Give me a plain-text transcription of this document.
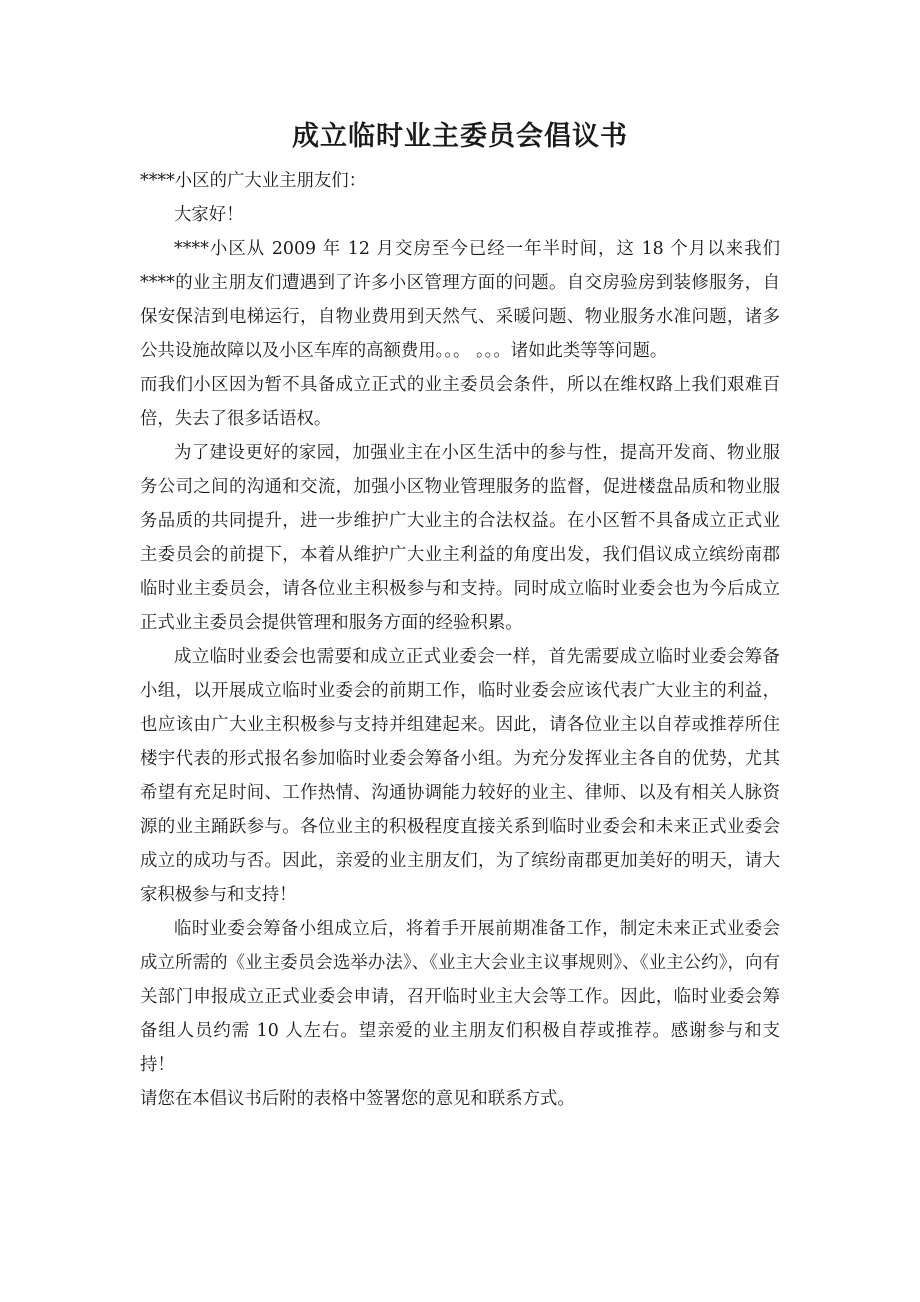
成立临时业主委员会倡议书

****小区的广大业主朋友们：

大家好！

****小区从 2009 年 12 月交房至今已经一年半时间，这 18 个月以来我们****的业主朋友们遭遇到了许多小区管理方面的问题。自交房验房到装修服务，自保安保洁到电梯运行，自物业费用到天然气、采暖问题、物业服务水准问题，诸多公共设施故障以及小区车库的高额费用。。。 。。。诸如此类等等问题。

而我们小区因为暂不具备成立正式的业主委员会条件，所以在维权路上我们艰难百倍，失去了很多话语权。

为了建设更好的家园，加强业主在小区生活中的参与性，提高开发商、物业服务公司之间的沟通和交流，加强小区物业管理服务的监督，促进楼盘品质和物业服务品质的共同提升，进一步维护广大业主的合法权益。在小区暂不具备成立正式业主委员会的前提下，本着从维护广大业主利益的角度出发，我们倡议成立缤纷南郡临时业主委员会，请各位业主积极参与和支持。同时成立临时业委会也为今后成立正式业主委员会提供管理和服务方面的经验积累。

成立临时业委会也需要和成立正式业委会一样，首先需要成立临时业委会筹备小组，以开展成立临时业委会的前期工作，临时业委会应该代表广大业主的利益，也应该由广大业主积极参与支持并组建起来。因此，请各位业主以自荐或推荐所住楼宇代表的形式报名参加临时业委会筹备小组。为充分发挥业主各自的优势，尤其希望有充足时间、工作热情、沟通协调能力较好的业主、律师、以及有相关人脉资源的业主踊跃参与。各位业主的积极程度直接关系到临时业委会和未来正式业委会成立的成功与否。因此，亲爱的业主朋友们，为了缤纷南郡更加美好的明天，请大家积极参与和支持！

临时业委会筹备小组成立后，将着手开展前期准备工作，制定未来正式业委会成立所需的《业主委员会选举办法》、《业主大会业主议事规则》、《业主公约》，向有关部门申报成立正式业委会申请，召开临时业主大会等工作。因此，临时业委会筹备组人员约需 10 人左右。望亲爱的业主朋友们积极自荐或推荐。感谢参与和支持！

请您在本倡议书后附的表格中签署您的意见和联系方式。
